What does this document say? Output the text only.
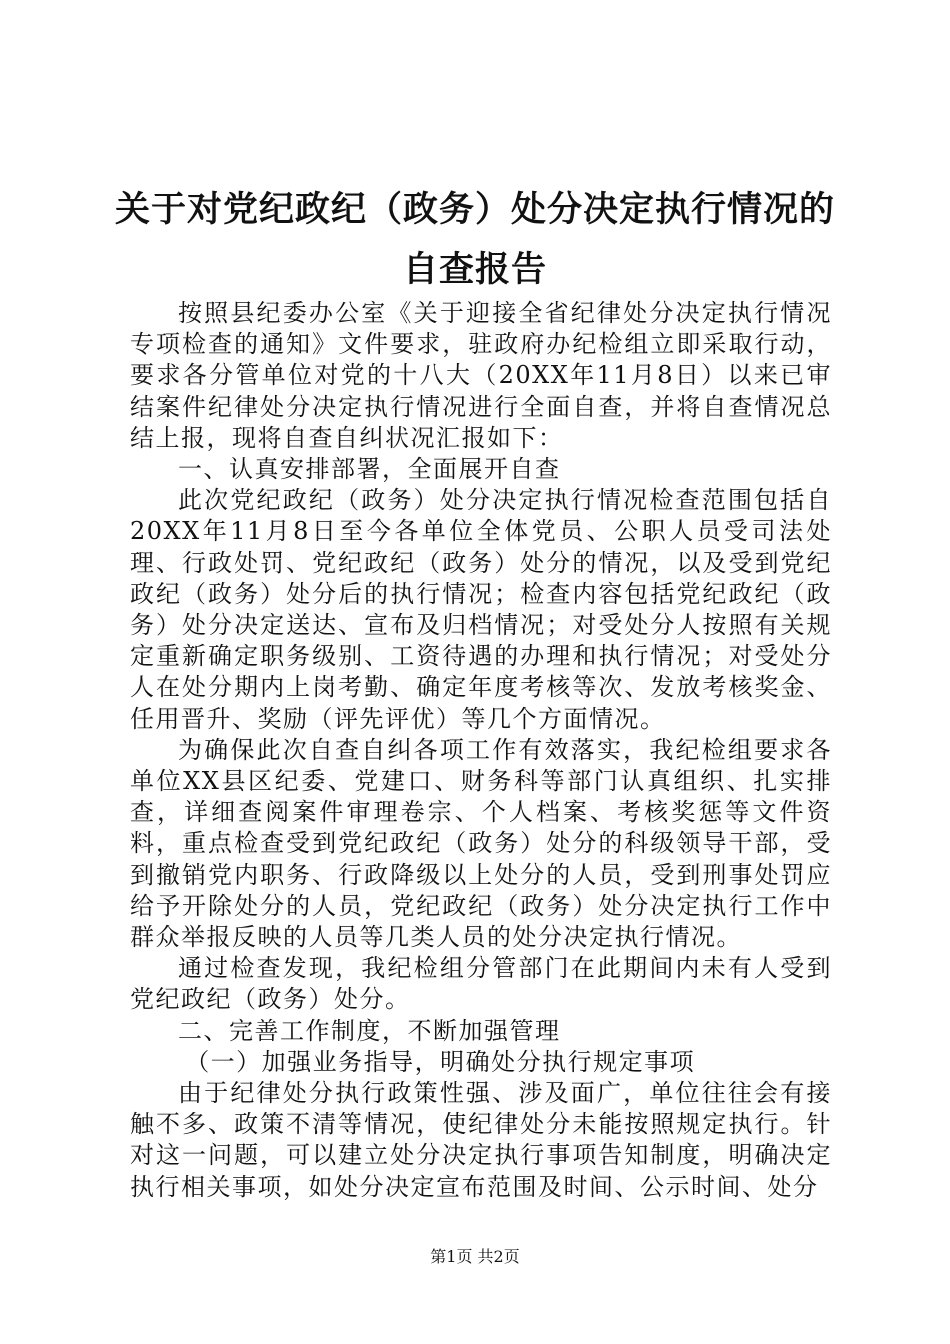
关于对党纪政纪（政务）处分决定执行情况的
自查报告

按照县纪委办公室《关于迎接全省纪律处分决定执行情况专项检查的通知》文件要求，驻政府办纪检组立即采取行动，要求各分管单位对党的十八大（20XX年11月8日）以来已审结案件纪律处分决定执行情况进行全面自查，并将自查情况总结上报，现将自查自纠状况汇报如下：

一、认真安排部署，全面展开自查

此次党纪政纪（政务）处分决定执行情况检查范围包括自20XX年11月8日至今各单位全体党员、公职人员受司法处理、行政处罚、党纪政纪（政务）处分的情况，以及受到党纪政纪（政务）处分后的执行情况；检查内容包括党纪政纪（政务）处分决定送达、宣布及归档情况；对受处分人按照有关规定重新确定职务级别、工资待遇的办理和执行情况；对受处分人在处分期内上岗考勤、确定年度考核等次、发放考核奖金、任用晋升、奖励（评先评优）等几个方面情况。

为确保此次自查自纠各项工作有效落实，我纪检组要求各单位XX县区纪委、党建口、财务科等部门认真组织、扎实排查，详细查阅案件审理卷宗、个人档案、考核奖惩等文件资料，重点检查受到党纪政纪（政务）处分的科级领导干部，受到撤销党内职务、行政降级以上处分的人员，受到刑事处罚应给予开除处分的人员，党纪政纪（政务）处分决定执行工作中群众举报反映的人员等几类人员的处分决定执行情况。

通过检查发现，我纪检组分管部门在此期间内未有人受到党纪政纪（政务）处分。

二、完善工作制度，不断加强管理

（一）加强业务指导，明确处分执行规定事项

由于纪律处分执行政策性强、涉及面广，单位往往会有接触不多、政策不清等情况，使纪律处分未能按照规定执行。针对这一问题，可以建立处分决定执行事项告知制度，明确决定执行相关事项，如处分决定宣布范围及时间、公示时间、处分

第1页 共2页
